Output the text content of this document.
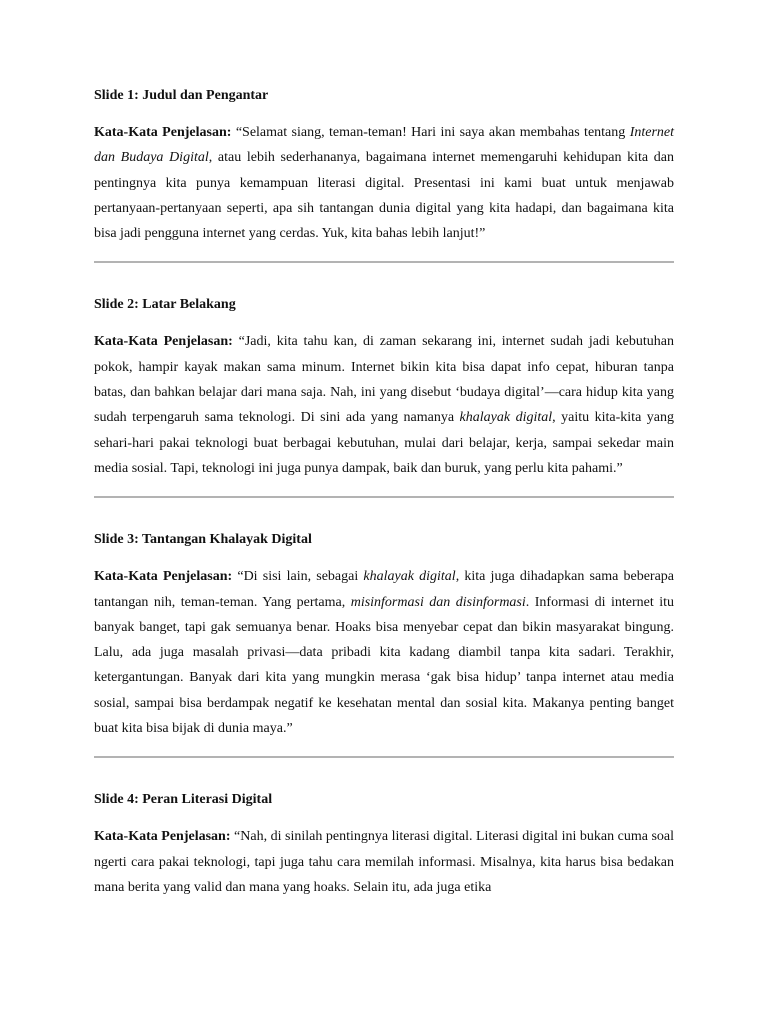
Slide 1: Judul dan Pengantar

Kata-Kata Penjelasan: “Selamat siang, teman-teman! Hari ini saya akan membahas tentang Internet dan Budaya Digital, atau lebih sederhananya, bagaimana internet memengaruhi kehidupan kita dan pentingnya kita punya kemampuan literasi digital. Presentasi ini kami buat untuk menjawab pertanyaan-pertanyaan seperti, apa sih tantangan dunia digital yang kita hadapi, dan bagaimana kita bisa jadi pengguna internet yang cerdas. Yuk, kita bahas lebih lanjut!”

Slide 2: Latar Belakang

Kata-Kata Penjelasan: “Jadi, kita tahu kan, di zaman sekarang ini, internet sudah jadi kebutuhan pokok, hampir kayak makan sama minum. Internet bikin kita bisa dapat info cepat, hiburan tanpa batas, dan bahkan belajar dari mana saja. Nah, ini yang disebut ‘budaya digital’—cara hidup kita yang sudah terpengaruh sama teknologi. Di sini ada yang namanya khalayak digital, yaitu kita-kita yang sehari-hari pakai teknologi buat berbagai kebutuhan, mulai dari belajar, kerja, sampai sekedar main media sosial. Tapi, teknologi ini juga punya dampak, baik dan buruk, yang perlu kita pahami.”

Slide 3: Tantangan Khalayak Digital

Kata-Kata Penjelasan: “Di sisi lain, sebagai khalayak digital, kita juga dihadapkan sama beberapa tantangan nih, teman-teman. Yang pertama, misinformasi dan disinformasi. Informasi di internet itu banyak banget, tapi gak semuanya benar. Hoaks bisa menyebar cepat dan bikin masyarakat bingung. Lalu, ada juga masalah privasi—data pribadi kita kadang diambil tanpa kita sadari. Terakhir, ketergantungan. Banyak dari kita yang mungkin merasa ‘gak bisa hidup’ tanpa internet atau media sosial, sampai bisa berdampak negatif ke kesehatan mental dan sosial kita. Makanya penting banget buat kita bisa bijak di dunia maya.”

Slide 4: Peran Literasi Digital

Kata-Kata Penjelasan: “Nah, di sinilah pentingnya literasi digital. Literasi digital ini bukan cuma soal ngerti cara pakai teknologi, tapi juga tahu cara memilah informasi. Misalnya, kita harus bisa bedakan mana berita yang valid dan mana yang hoaks. Selain itu, ada juga etika
